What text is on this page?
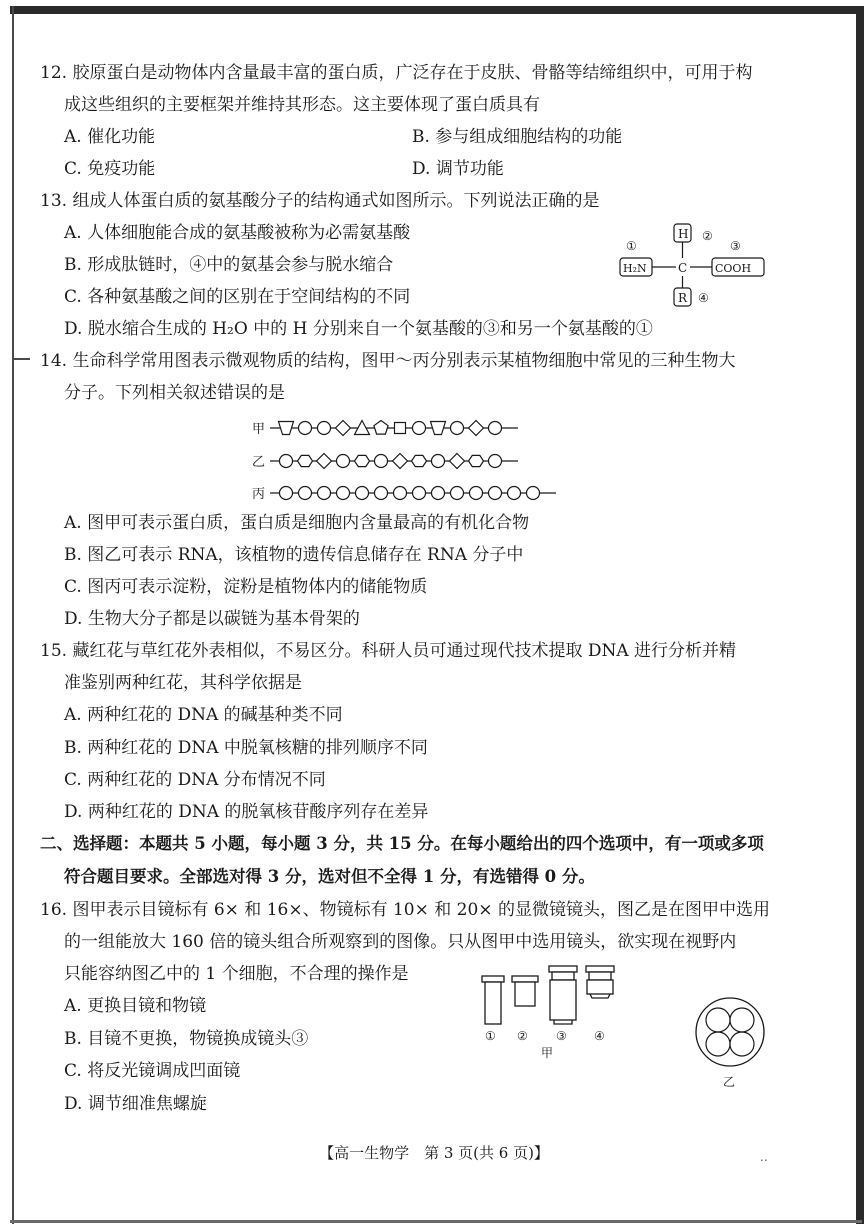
12. 胶原蛋白是动物体内含量最丰富的蛋白质，广泛存在于皮肤、骨骼等结缔组织中，可用于构
成这些组织的主要框架并维持其形态。这主要体现了蛋白质具有
A. 催化功能	B. 参与组成细胞结构的功能
C. 免疫功能	D. 调节功能
13. 组成人体蛋白质的氨基酸分子的结构通式如图所示。下列说法正确的是
A. 人体细胞能合成的氨基酸被称为必需氨基酸
B. 形成肽链时，④中的氨基会参与脱水缩合
C. 各种氨基酸之间的区别在于空间结构的不同
D. 脱水缩合生成的 H₂O 中的 H 分别来自一个氨基酸的③和另一个氨基酸的①
①
②
③
④
H
H₂N	C	COOH
R
14. 生命科学常用图表示微观物质的结构，图甲～丙分别表示某植物细胞中常见的三种生物大
分子。下列相关叙述错误的是
甲
乙
丙
A. 图甲可表示蛋白质，蛋白质是细胞内含量最高的有机化合物
B. 图乙可表示 RNA，该植物的遗传信息储存在 RNA 分子中
C. 图丙可表示淀粉，淀粉是植物体内的储能物质
D. 生物大分子都是以碳链为基本骨架的
15. 藏红花与草红花外表相似，不易区分。科研人员可通过现代技术提取 DNA 进行分析并精
准鉴别两种红花，其科学依据是
A. 两种红花的 DNA 的碱基种类不同
B. 两种红花的 DNA 中脱氧核糖的排列顺序不同
C. 两种红花的 DNA 分布情况不同
D. 两种红花的 DNA 的脱氧核苷酸序列存在差异
二、选择题：本题共 5 小题，每小题 3 分，共 15 分。在每小题给出的四个选项中，有一项或多项
符合题目要求。全部选对得 3 分，选对但不全得 1 分，有选错得 0 分。
16. 图甲表示目镜标有 6× 和 16×、物镜标有 10× 和 20× 的显微镜镜头，图乙是在图甲中选用
的一组能放大 160 倍的镜头组合所观察到的图像。只从图甲中选用镜头，欲实现在视野内
只能容纳图乙中的 1 个细胞，不合理的操作是
A. 更换目镜和物镜
B. 目镜不更换，物镜换成镜头③
C. 将反光镜调成凹面镜
D. 调节细准焦螺旋
① ② ③ ④
甲
乙
【高一生物学　第 3 页(共 6 页)】	..
